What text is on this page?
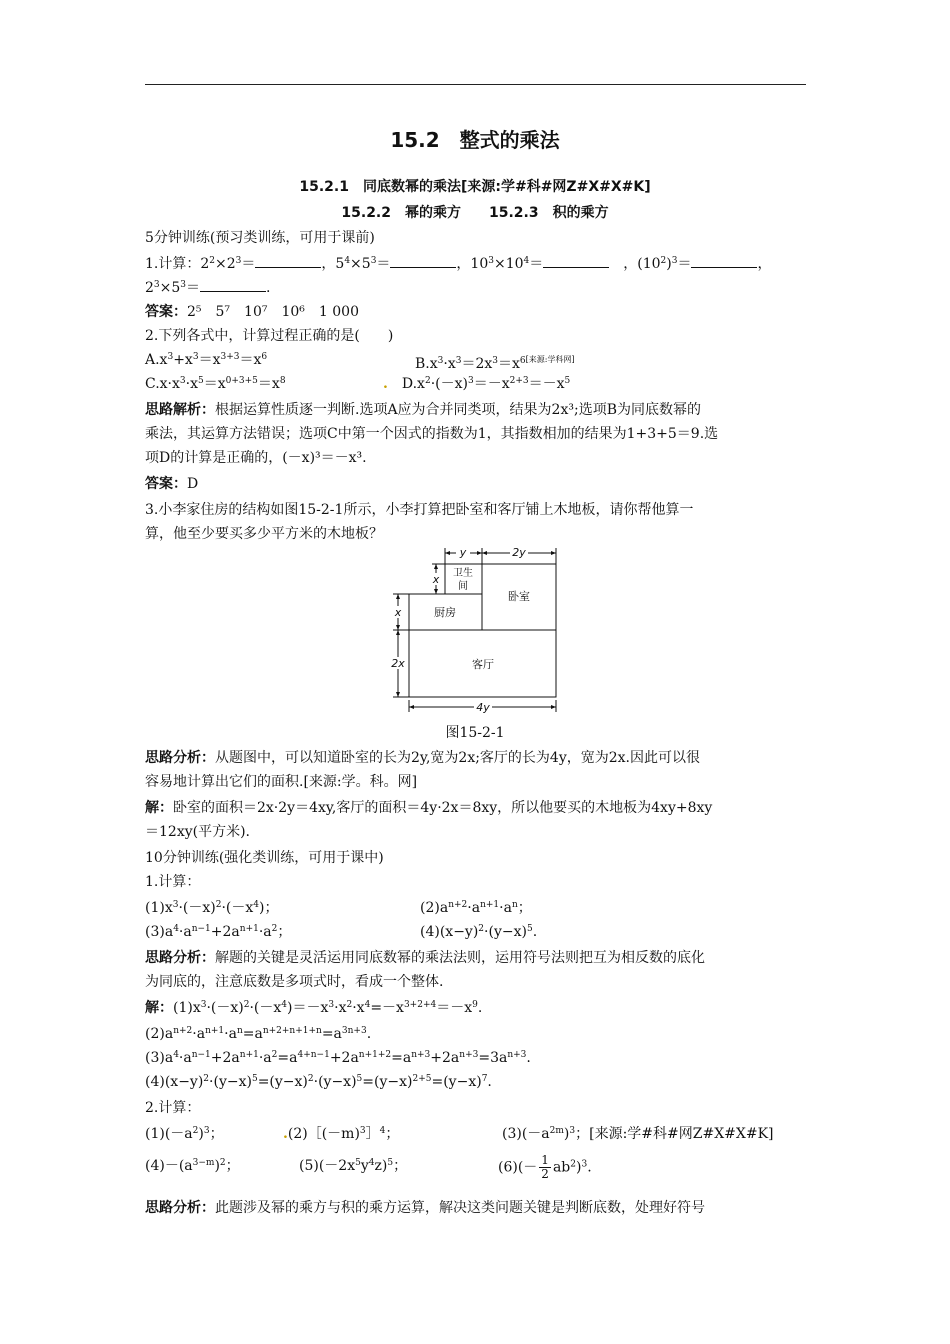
15.2　整式的乘法
15.2.1　同底数幂的乘法[来源:学#科#网Z#X#X#K]
15.2.2　幂的乘方　　15.2.3　积的乘方
5分钟训练(预习类训练，可用于课前)
1.计算：$2^2\times 2^3=$	，$5^4\times 5^3=$	，$10^3\times 10^4=$	　，$(10^2)^3=$	，
$2^3\times 5^3=$	.
答案：2⁵　5⁷　10⁷　10⁶　1 000
2.下列各式中，计算过程正确的是(　　)
$A.x^3+x^3=x^{3+3}=x^6$	$B.x^3\cdot x^3=2x^3=x^{6[来源:学科网]}$
$C.x\cdot x^3\cdot x^5=x^{0+3+5}=x^8$	.　$D.x^2\cdot(-x)^3=-x^{2+3}=-x^5$
思路解析：根据运算性质逐一判断.选项A应为合并同类项，结果为2x³;选项B为同底数幂的
乘法，其运算方法错误；选项C中第一个因式的指数为1，其指数相加的结果为1+3+5＝9.选
项D的计算是正确的，(－x)³＝－x³.
答案：D
3.小李家住房的结构如图15-2-1所示，小李打算把卧室和客厅铺上木地板，请你帮他算一
算，他至少要买多少平方米的木地板？
y	2y
x
x
2x
4y
卫生
间
卧室
厨房
客厅
图15-2-1
思路分析：从题图中，可以知道卧室的长为2y,宽为2x;客厅的长为4y，宽为2x.因此可以很
容易地计算出它们的面积.[来源:学。科。网]
解：卧室的面积＝2x·2y＝4xy,客厅的面积＝4y·2x＝8xy，所以他要买的木地板为4xy+8xy
＝12xy(平方米).
10分钟训练(强化类训练，可用于课中)
1.计算：
$(1)x^3\cdot(-x)^2\cdot(-x^4)$；	$(2)a^{n+2}\cdot a^{n+1}\cdot a^n$；
$(3)a^4\cdot a^{n-1}+2a^{n+1}\cdot a^2$；	$(4)(x-y)^2\cdot(y-x)^5$.
思路分析：解题的关键是灵活运用同底数幂的乘法法则，运用符号法则把互为相反数的底化
为同底的，注意底数是多项式时，看成一个整体.
解：$(1)x^3\cdot(-x)^2\cdot(-x^4)=-x^3\cdot x^2\cdot x^4=-x^{3+2+4}=-x^9$.
$(2)a^{n+2}\cdot a^{n+1}\cdot a^n=a^{n+2+n+1+n}=a^{3n+3}$.
$(3)a^4\cdot a^{n-1}+2a^{n+1}\cdot a^2=a^{4+n-1}+2a^{n+1+2}=a^{n+3}+2a^{n+3}=3a^{n+3}$.
$(4)(x-y)^2\cdot(y-x)^5=(y-x)^2\cdot(y-x)^5=(y-x)^{2+5}=(y-x)^7$.
2.计算：
$(1)(-a^2)^3$；	$.(2)[(-m)^3]^4$；	$(3)(-a^{2m})^3$；[来源:学#科#网Z#X#X#K]
$(4)-(a^{3-m})^2$；	$(5)(-2x^5y^4z)^5$；	$(6)(- \frac{1}{2} ab^2)^3$.
思路分析：此题涉及幂的乘方与积的乘方运算，解决这类问题关键是判断底数，处理好符号
